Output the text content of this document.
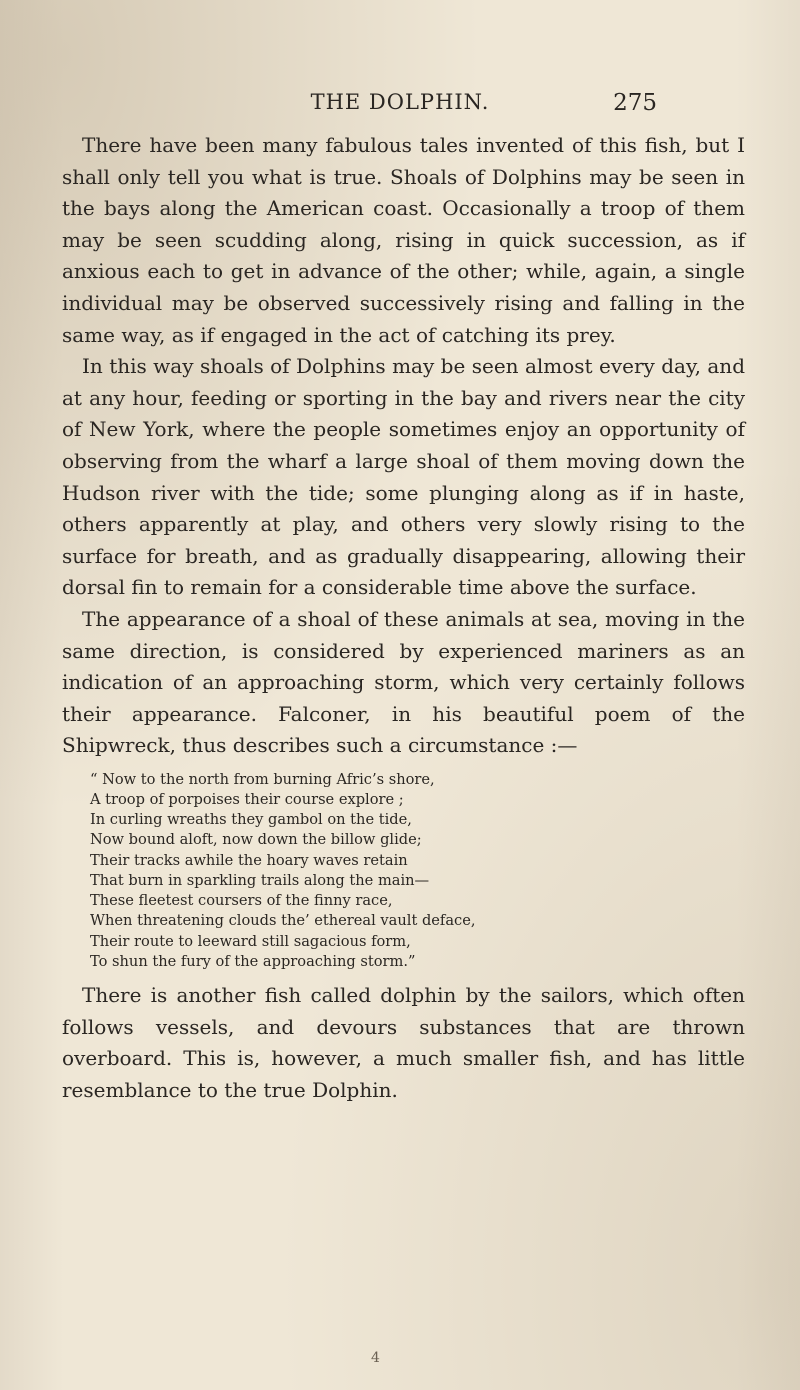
THE DOLPHIN.	275

There have been many fabulous tales invented of this fish, but I shall only tell you what is true. Shoals of Dolphins may be seen in the bays along the American coast. Occasionally a troop of them may be seen scudding along, rising in quick succession, as if anxious each to get in advance of the other; while, again, a single individual may be observed successively rising and falling in the same way, as if engaged in the act of catching its prey.

In this way shoals of Dolphins may be seen almost every day, and at any hour, feeding or sporting in the bay and rivers near the city of New York, where the people sometimes enjoy an opportunity of observing from the wharf a large shoal of them moving down the Hudson river with the tide; some plunging along as if in haste, others apparently at play, and others very slowly rising to the surface for breath, and as gradually disappearing, allowing their dorsal fin to remain for a considerable time above the surface.

The appearance of a shoal of these animals at sea, moving in the same direction, is considered by experienced mariners as an indication of an approaching storm, which very certainly follows their appearance. Falconer, in his beautiful poem of the Shipwreck, thus describes such a circumstance :—

“ Now to the north from burning Afric’s shore,
A troop of porpoises their course explore ;
In curling wreaths they gambol on the tide,
Now bound aloft, now down the billow glide;
Their tracks awhile the hoary waves retain
That burn in sparkling trails along the main—
These fleetest coursers of the finny race,
When threatening clouds the’ ethereal vault deface,
Their route to leeward still sagacious form,
To shun the fury of the approaching storm.”

There is another fish called dolphin by the sailors, which often follows vessels, and devours substances that are thrown overboard. This is, however, a much smaller fish, and has little resemblance to the true Dolphin.

4
